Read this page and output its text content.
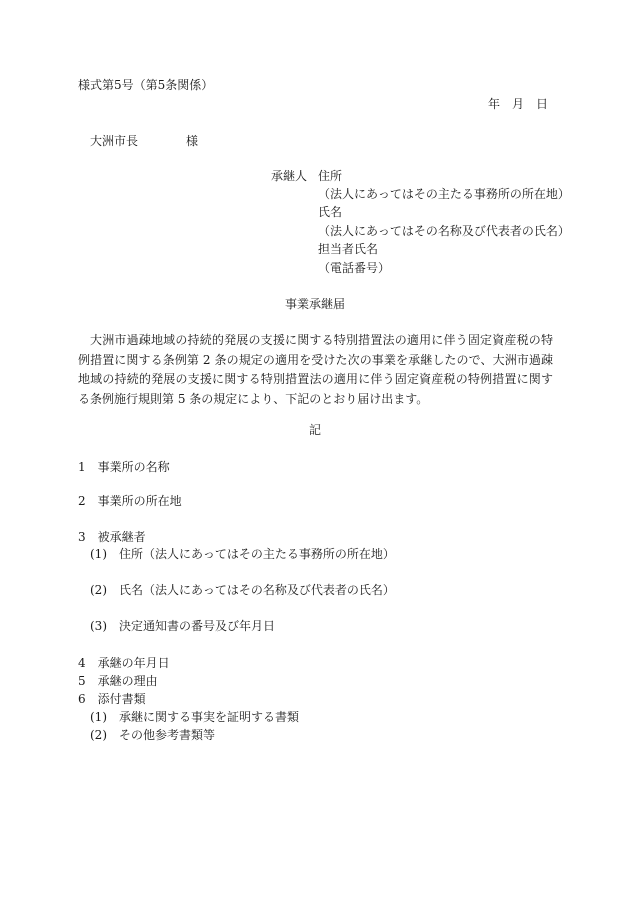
様式第5号（第5条関係）
年　月　日
大洲市長　　　　様
承継人 住所
（法人にあってはその主たる事務所の所在地）
氏名
（法人にあってはその名称及び代表者の氏名）
担当者氏名
（電話番号）
事業承継届
大洲市過疎地域の持続的発展の支援に関する特別措置法の適用に伴う固定資産税の特例措置に関する条例第 2 条の規定の適用を受けた次の事業を承継したので、大洲市過疎地域の持続的発展の支援に関する特別措置法の適用に伴う固定資産税の特例措置に関する条例施行規則第 5 条の規定により、下記のとおり届け出ます。
記
1　事業所の名称
2　事業所の所在地
3　被承継者
(1)　住所（法人にあってはその主たる事務所の所在地）
(2)　氏名（法人にあってはその名称及び代表者の氏名）
(3)　決定通知書の番号及び年月日
4　承継の年月日
5　承継の理由
6　添付書類
(1)　承継に関する事実を証明する書類
(2)　その他参考書類等
